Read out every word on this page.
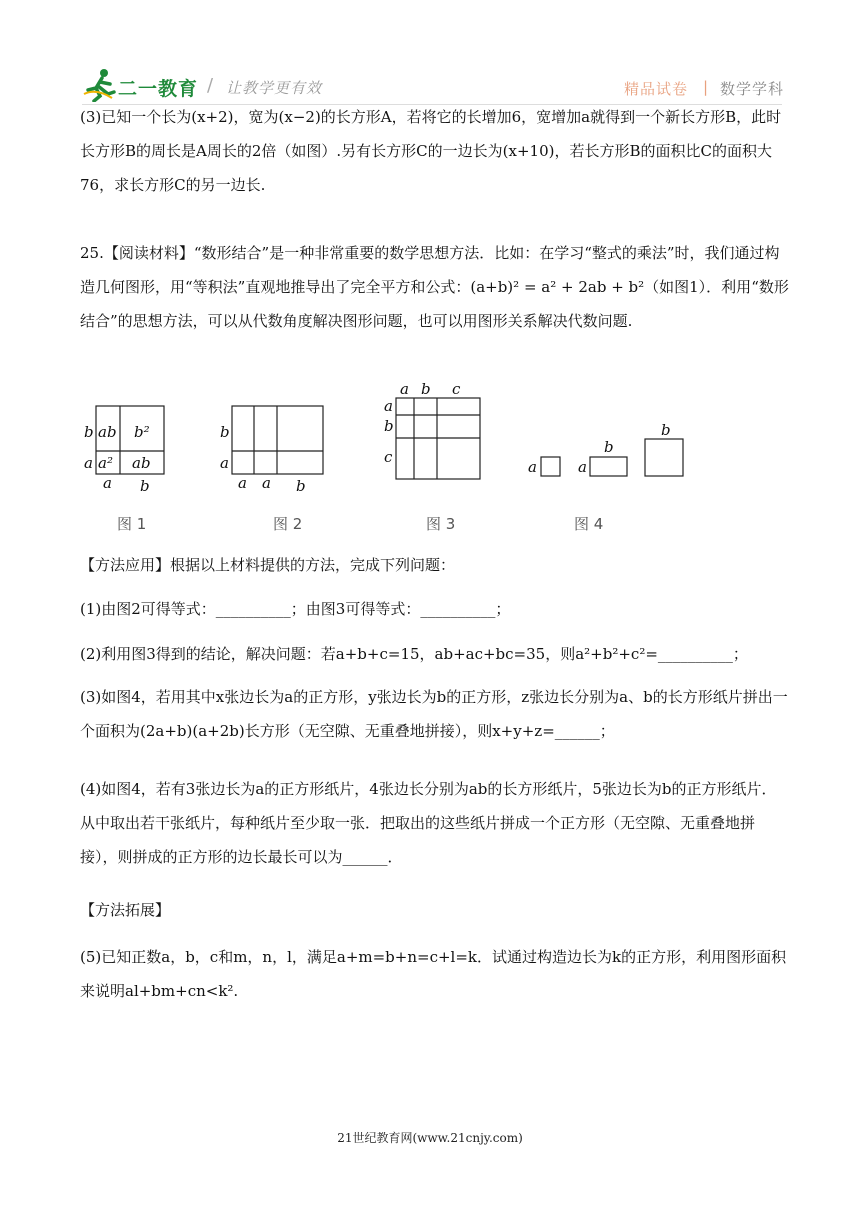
二一教育 / 让教学更有效	精品试卷 | 数学学科
(3)已知一个长为(x+2)，宽为(x−2)的长方形A，若将它的长增加6，宽增加a就得到一个新长方形B，此时长方形B的周长是A周长的2倍（如图）.另有长方形C的一边长为(x+10)，若长方形B的面积比C的面积大76，求长方形C的另一边长.
25.【阅读材料】“数形结合”是一种非常重要的数学思想方法．比如：在学习“整式的乘法”时，我们通过构造几何图形，用“等积法”直观地推导出了完全平方和公式：(a+b)² = a² + 2ab + b²（如图1）．利用“数形结合”的思想方法，可以从代数角度解决图形问题，也可以用图形关系解决代数问题.
b
a
ab b²
a² ab
a b
b
a
a a b
a b c
a
b
c
a	a
b
b
图 1	图 2	图 3	图 4
【方法应用】根据以上材料提供的方法，完成下列问题：
(1)由图2可得等式：__________；由图3可得等式：__________；
(2)利用图3得到的结论，解决问题：若a+b+c=15，ab+ac+bc=35，则a²+b²+c²=__________；
(3)如图4，若用其中x张边长为a的正方形，y张边长为b的正方形，z张边长分别为a、b的长方形纸片拼出一个面积为(2a+b)(a+2b)长方形（无空隙、无重叠地拼接），则x+y+z=______；
(4)如图4，若有3张边长为a的正方形纸片，4张边长分别为ab的长方形纸片，5张边长为b的正方形纸片．从中取出若干张纸片，每种纸片至少取一张．把取出的这些纸片拼成一个正方形（无空隙、无重叠地拼接），则拼成的正方形的边长最长可以为______．
【方法拓展】
(5)已知正数a，b，c和m，n，l，满足a+m=b+n=c+l=k．试通过构造边长为k的正方形，利用图形面积来说明al+bm+cn<k².
21世纪教育网(www.21cnjy.com)
